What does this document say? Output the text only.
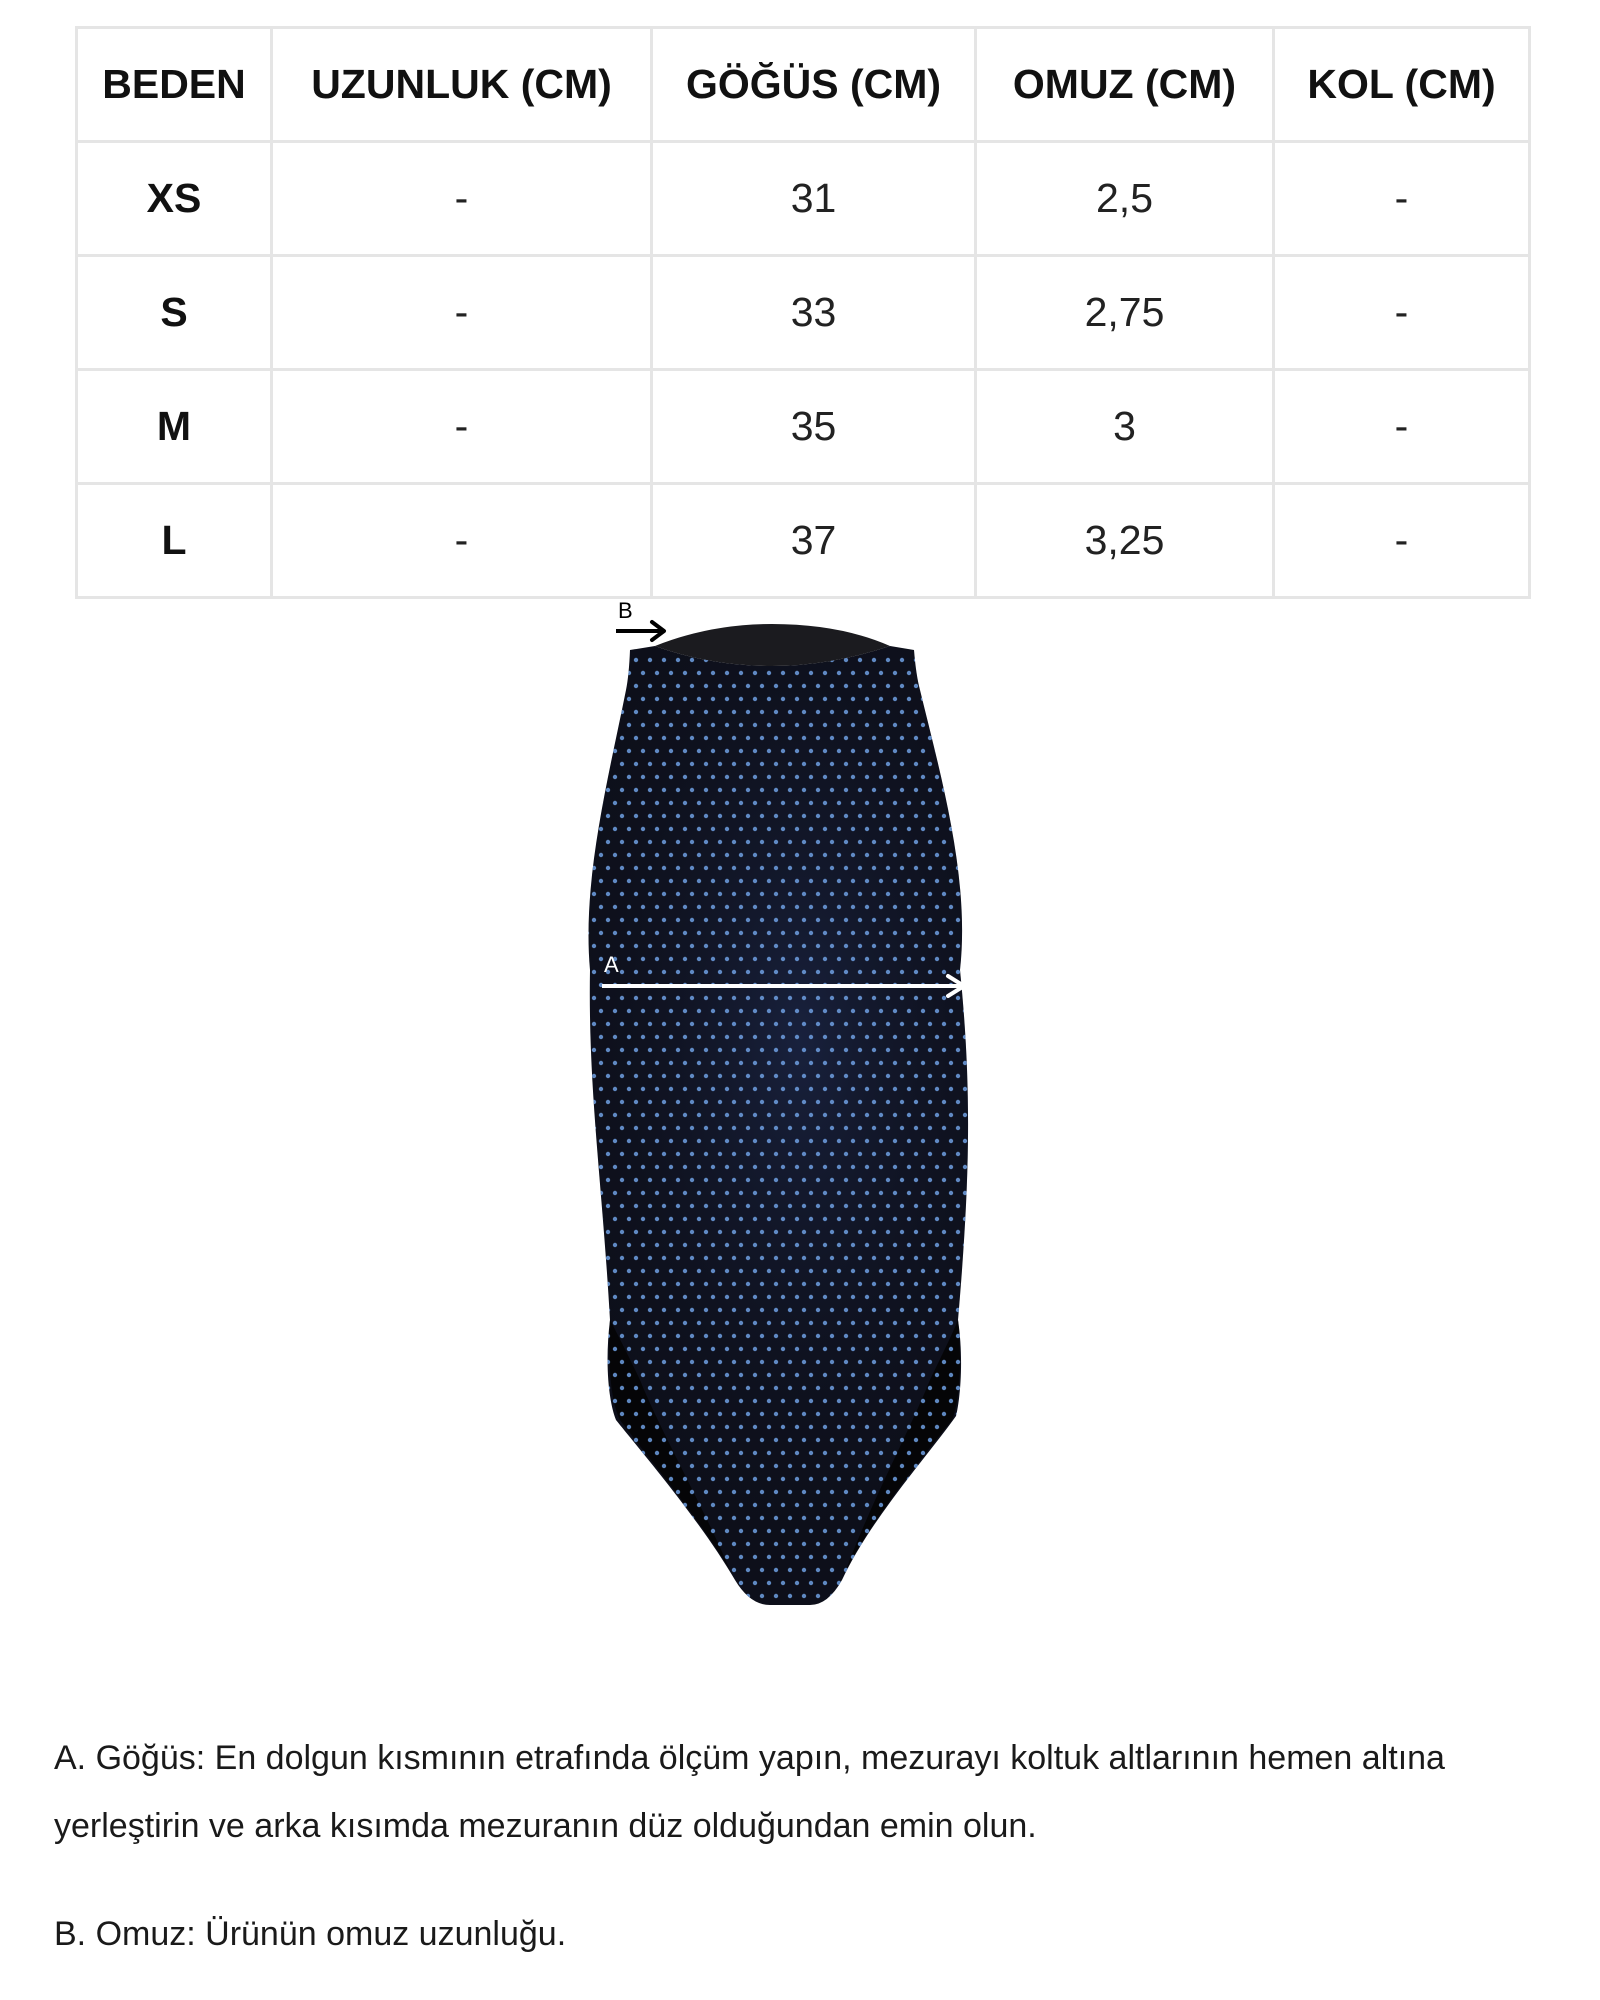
BEDEN	UZUNLUK (CM)	GÖĞÜS (CM)	OMUZ (CM)	KOL (CM)
XS	-	31	2,5	-
S	-	33	2,75	-
M	-	35	3	-
L	-	37	3,25	-
B
A

A. Göğüs: En dolgun kısmının etrafında ölçüm yapın, mezurayı koltuk altlarının hemen altına yerleştirin ve arka kısımda mezuranın düz olduğundan emin olun.

B. Omuz: Ürünün omuz uzunluğu.
